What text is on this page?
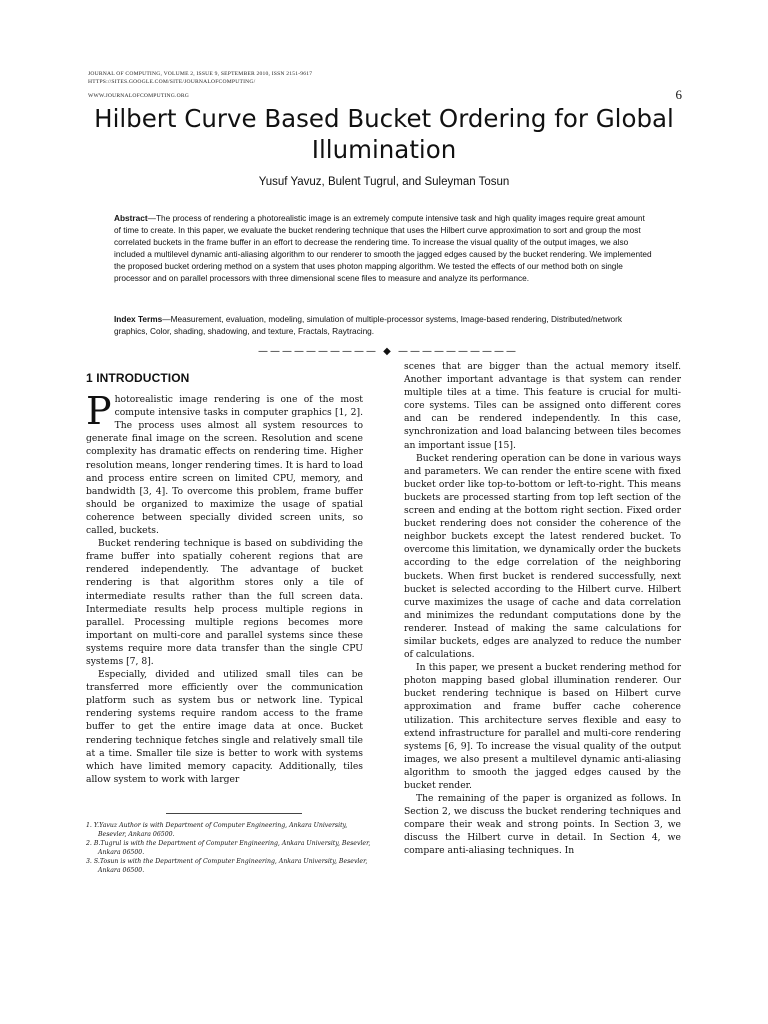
JOURNAL OF COMPUTING, VOLUME 2, ISSUE 9, SEPTEMBER 2010, ISSN 2151-9617
HTTPS://SITES.GOOGLE.COM/SITE/JOURNALOFCOMPUTING/
WWW.JOURNALOFCOMPUTING.ORG	6
Hilbert Curve Based Bucket Ordering for Global Illumination
Yusuf Yavuz, Bulent Tugrul, and Suleyman Tosun
Abstract—The process of rendering a photorealistic image is an extremely compute intensive task and high quality images require great amount of time to create. In this paper, we evaluate the bucket rendering technique that uses the Hilbert curve approximation to sort and group the most correlated buckets in the frame buffer in an effort to decrease the rendering time. To increase the visual quality of the output images, we also included a multilevel dynamic anti-aliasing algorithm to our renderer to smooth the jagged edges caused by the bucket rendering. We implemented the proposed bucket ordering method on a system that uses photon mapping algorithm. We tested the effects of our method both on single processor and on parallel processors with three dimensional scene files to measure and analyze its performance.
Index Terms—Measurement, evaluation, modeling, simulation of multiple-processor systems, Image-based rendering, Distributed/network graphics, Color, shading, shadowing, and texture, Fractals, Raytracing.
—————————— ◆ ——————————
1 INTRODUCTION

Photorealistic image rendering is one of the most compute intensive tasks in computer graphics [1, 2]. The process uses almost all system resources to generate final image on the screen. Resolution and scene complexity has dramatic effects on rendering time. Higher resolution means, longer rendering times. It is hard to load and process entire screen on limited CPU, memory, and bandwidth [3, 4]. To overcome this problem, frame buffer should be organized to maximize the usage of spatial coherence between specially divided screen units, so called, buckets.

Bucket rendering technique is based on subdividing the frame buffer into spatially coherent regions that are rendered independently. The advantage of bucket rendering is that algorithm stores only a tile of intermediate results rather than the full screen data. Intermediate results help process multiple regions in parallel. Processing multiple regions becomes more important on multi-core and parallel systems since these systems require more data transfer than the single CPU systems [7, 8].

Especially, divided and utilized small tiles can be transferred more efficiently over the communication platform such as system bus or network line. Typical rendering systems require random access to the frame buffer to get the entire image data at once. Bucket rendering technique fetches single and relatively small tile at a time. Smaller tile size is better to work with systems which have limited memory capacity. Additionally, tiles allow system to work with larger

scenes that are bigger than the actual memory itself. Another important advantage is that system can render multiple tiles at a time. This feature is crucial for multi-core systems. Tiles can be assigned onto different cores and can be rendered independently. In this case, synchronization and load balancing between tiles becomes an important issue [15].

Bucket rendering operation can be done in various ways and parameters. We can render the entire scene with fixed bucket order like top-to-bottom or left-to-right. This means buckets are processed starting from top left section of the screen and ending at the bottom right section. Fixed order bucket rendering does not consider the coherence of the neighbor buckets except the latest rendered bucket. To overcome this limitation, we dynamically order the buckets according to the edge correlation of the neighboring buckets. When first bucket is rendered successfully, next bucket is selected according to the Hilbert curve. Hilbert curve maximizes the usage of cache and data correlation and minimizes the redundant computations done by the renderer. Instead of making the same calculations for similar buckets, edges are analyzed to reduce the number of calculations.

In this paper, we present a bucket rendering method for photon mapping based global illumination renderer. Our bucket rendering technique is based on Hilbert curve approximation and frame buffer cache coherence utilization. This architecture serves flexible and easy to extend infrastructure for parallel and multi-core rendering systems [6, 9]. To increase the visual quality of the output images, we also present a multilevel dynamic anti-aliasing algorithm to smooth the jagged edges caused by the bucket render.

The remaining of the paper is organized as follows. In Section 2, we discuss the bucket rendering techniques and compare their weak and strong points. In Section 3, we discuss the Hilbert curve in detail. In Section 4, we compare anti-aliasing techniques. In

1. Y.Yavuz Author is with Department of Computer Engineering, Ankara University, Besevler, Ankara 06500.
2. B.Tugrul is with the Department of Computer Engineering, Ankara University, Besevler, Ankara 06500.
3. S.Tosun is with the Department of Computer Engineering, Ankara University, Besevler, Ankara 06500.
